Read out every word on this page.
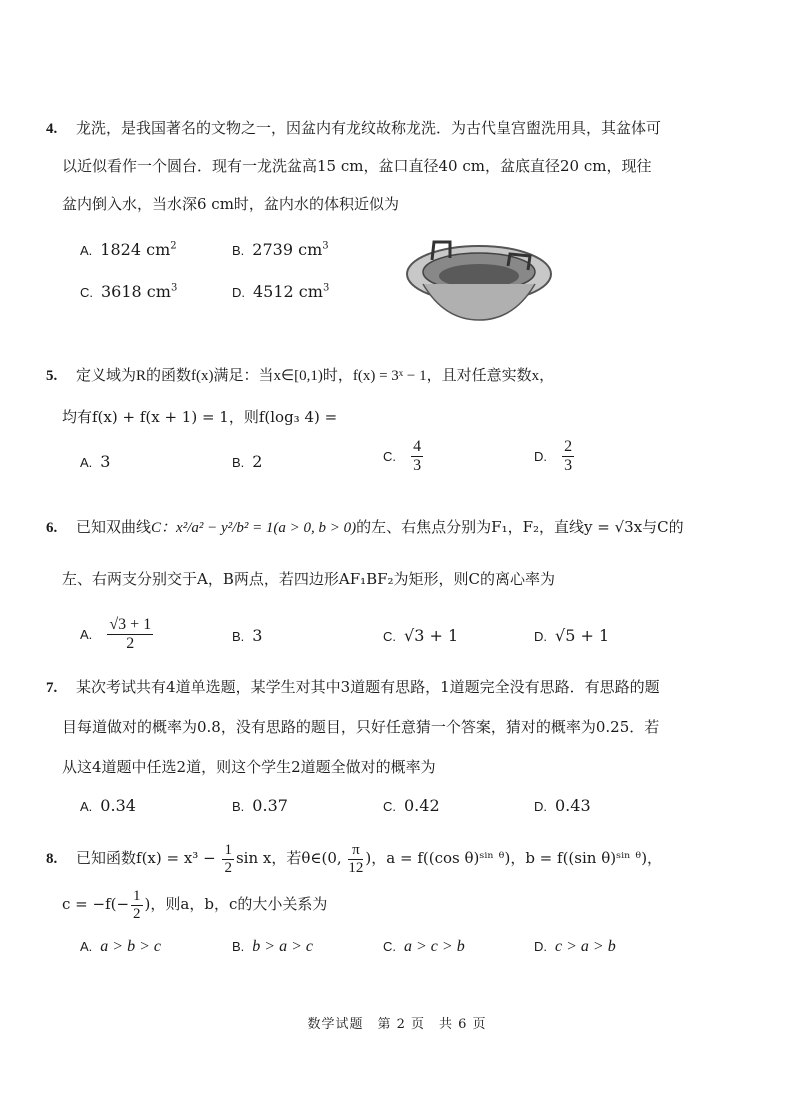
4. 龙洗，是我国著名的文物之一，因盆内有龙纹故称龙洗．为古代皇宫盥洗用具，其盆体可
以近似看作一个圆台．现有一龙洗盆高15 cm，盆口直径40 cm，盆底直径20 cm，现往
盆内倒入水，当水深6 cm时，盆内水的体积近似为
A. 1824 $cm^2$	B. 2739 $cm^3$
C. 3618 $cm^3$	D. 4512 $cm^3$
5. 定义域为R的函数f(x)满足：当x∈[0,1)时，f(x) = 3ˣ − 1，且对任意实数x，
均有f(x) + f(x + 1) = 1，则f(log₃ 4) =
A. 3	B. 2	C. $\frac{4}{3}$	D. $\frac{2}{3}$
6. 已知双曲线C：x²/a² − y²/b² = 1(a > 0, b > 0)的左、右焦点分别为F₁，F₂，直线y = √3x与C的
左、右两支分别交于A，B两点，若四边形AF₁BF₂为矩形，则C的离心率为
A. $\frac{√3 + 1}{2}$	B. 3	C. √3 + 1	D. √5 + 1
7. 某次考试共有4道单选题，某学生对其中3道题有思路，1道题完全没有思路．有思路的题
目每道做对的概率为0.8，没有思路的题目，只好任意猜一个答案，猜对的概率为0.25．若
从这4道题中任选2道，则这个学生2道题全做对的概率为
A. 0.34	B. 0.37	C. 0.42	D. 0.43
8. 已知函数$f(x) = x^3 - \frac{1}{2}$ sin x，若θ∈(0, $\frac{\pi}{12}$ )，a = f((cos θ)ˢⁱⁿ ᶿ)，b = f((sin θ)ˢⁱⁿ ᶿ)，
$c = -f(- \frac{1}{2}$ )，则a，b，c的大小关系为
A. a > b > c	B. b > a > c	C. a > c > b	D. c > a > b
数学试题　第 2 页　共 6 页
